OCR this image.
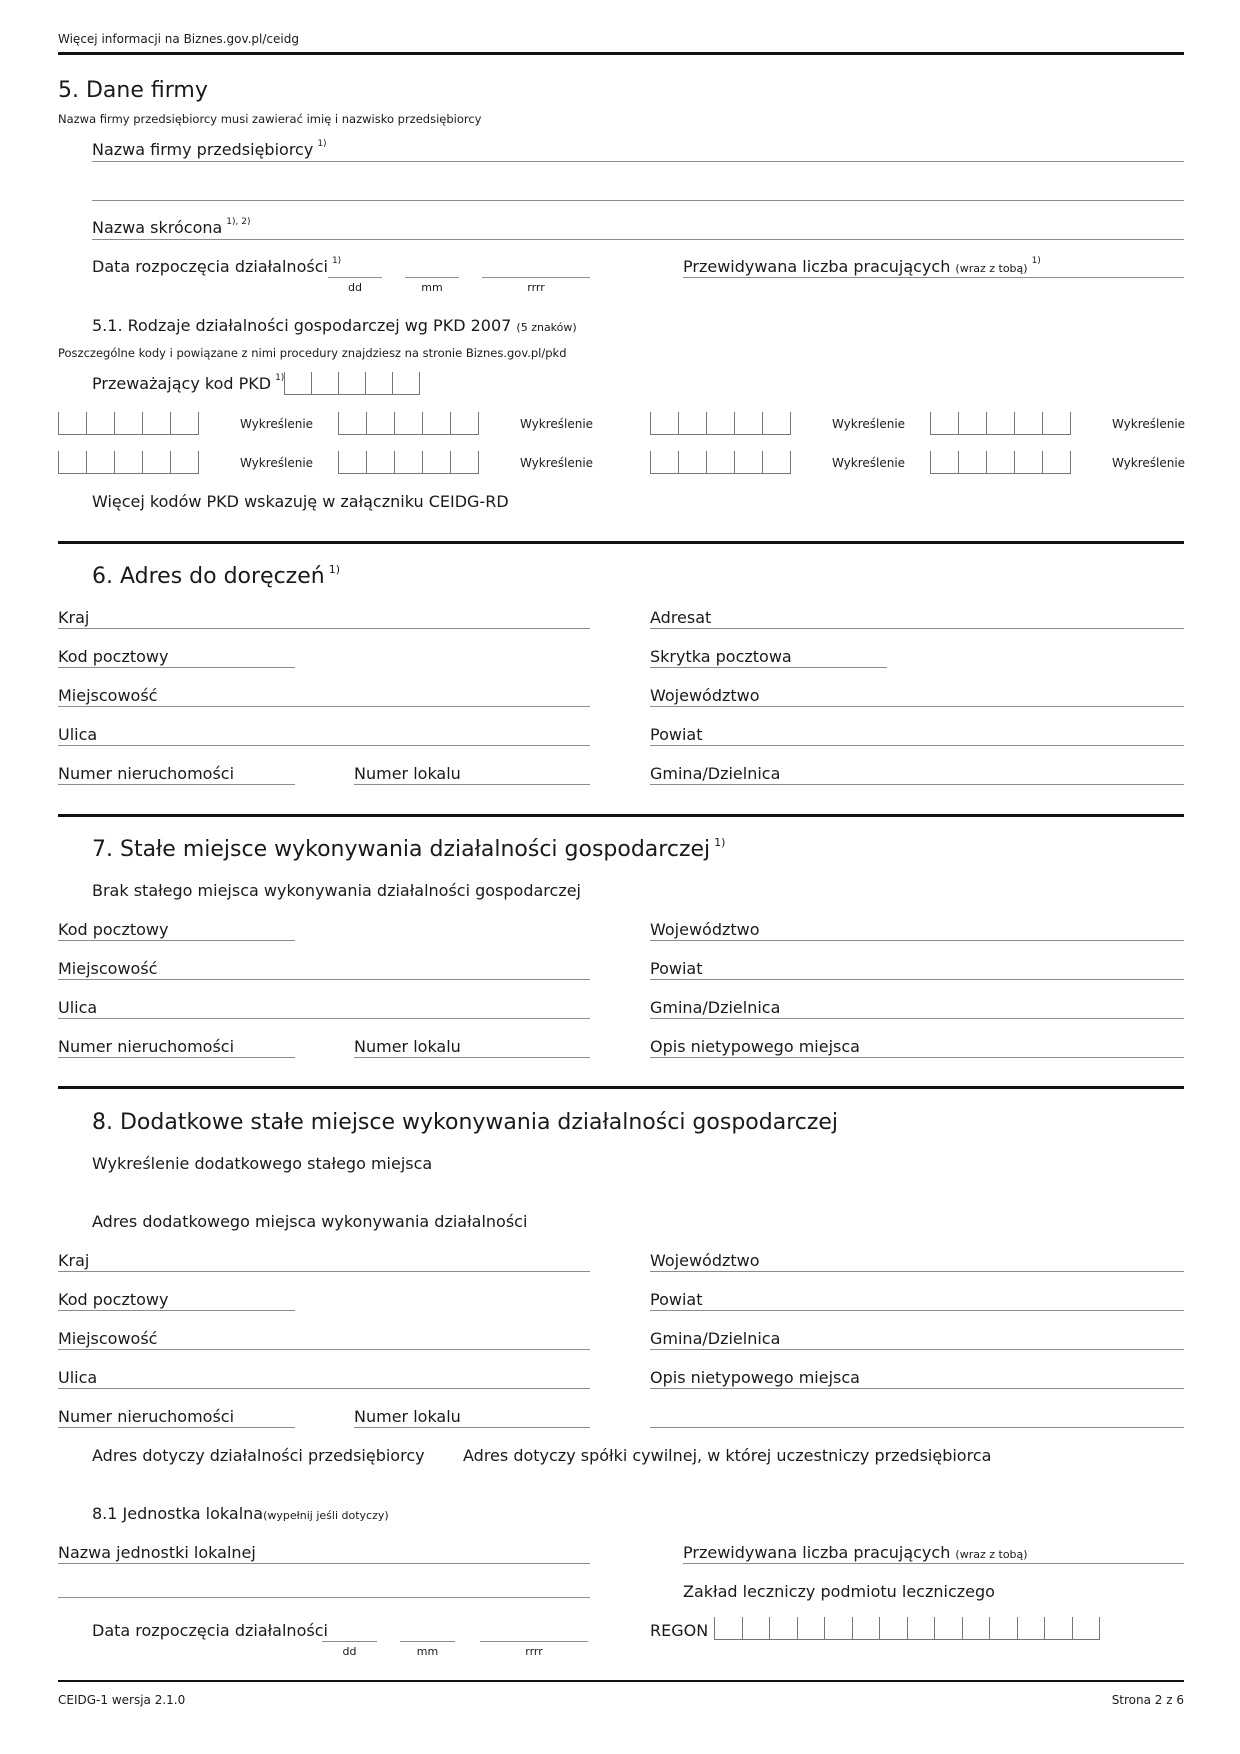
Więcej informacji na Biznes.gov.pl/ceidg
5. Dane firmy
Nazwa firmy przedsiębiorcy musi zawierać imię i nazwisko przedsiębiorcy
Nazwa firmy przedsiębiorcy $^{1)}$
Nazwa skrócona $^{1), 2)}$
Data rozpoczęcia działalności $^{1)}$
dd	mm	rrrr
Przewidywana liczba pracujących (wraz z tobą)$^{1)}$
5.1. Rodzaje działalności gospodarczej wg PKD 2007 (5 znaków)
Poszczególne kody i powiązane z nimi procedury znajdziesz na stronie Biznes.gov.pl/pkd
Przeważający kod PKD $^{1)}$
Wykreślenie	Wykreślenie	Wykreślenie	Wykreślenie
Wykreślenie	Wykreślenie	Wykreślenie	Wykreślenie
Więcej kodów PKD wskazuję w załączniku CEIDG-RD
6. Adres do doręczeń $^{1)}$
Kraj	Adresat
Kod pocztowy	Skrytka pocztowa
Miejscowość	Województwo
Ulica	Powiat
Numer nieruchomości	Numer lokalu	Gmina/Dzielnica
7. Stałe miejsce wykonywania działalności gospodarczej $^{1)}$
Brak stałego miejsca wykonywania działalności gospodarczej
Kod pocztowy	Województwo
Miejscowość	Powiat
Ulica	Gmina/Dzielnica
Numer nieruchomości	Numer lokalu	Opis nietypowego miejsca
8. Dodatkowe stałe miejsce wykonywania działalności gospodarczej
Wykreślenie dodatkowego stałego miejsca
Adres dodatkowego miejsca wykonywania działalności
Kraj	Województwo
Kod pocztowy	Powiat
Miejscowość	Gmina/Dzielnica
Ulica	Opis nietypowego miejsca
Numer nieruchomości	Numer lokalu
Adres dotyczy działalności przedsiębiorcy Adres dotyczy spółki cywilnej, w której uczestniczy przedsiębiorca
8.1 Jednostka lokalna(wypełnij jeśli dotyczy)
Nazwa jednostki lokalnej	Przewidywana liczba pracujących (wraz z tobą)
Zakład leczniczy podmiotu leczniczego
Data rozpoczęcia działalności
dd	mm	rrrr
REGON
CEIDG-1 wersja 2.1.0	Strona 2 z 6
